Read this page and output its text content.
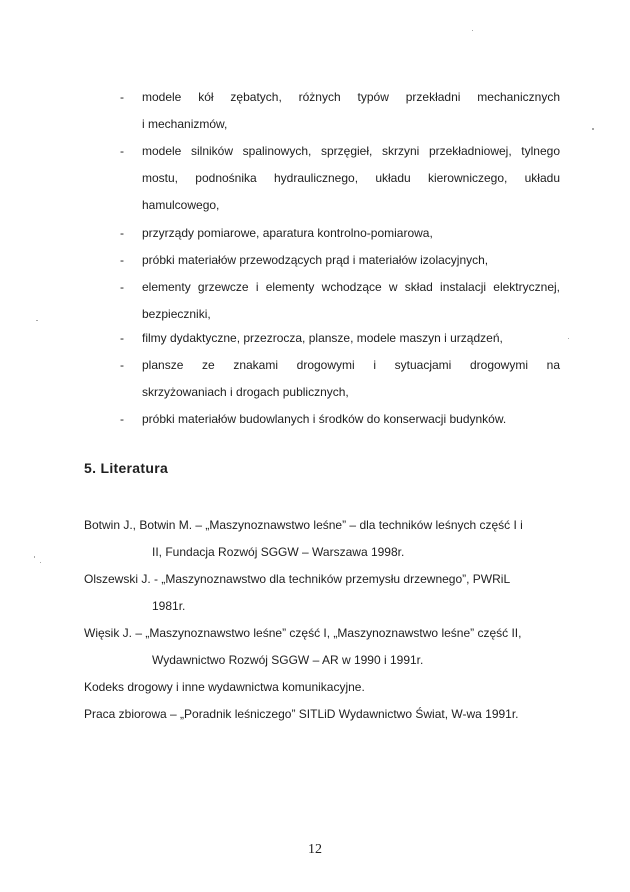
- modele kół zębatych, różnych typów przekładni mechanicznych
i mechanizmów,
- modele silników spalinowych, sprzęgieł, skrzyni przekładniowej, tylnego
mostu, podnośnika hydraulicznego, układu kierowniczego, układu
hamulcowego,
- przyrządy pomiarowe, aparatura kontrolno-pomiarowa,
- próbki materiałów przewodzących prąd i materiałów izolacyjnych,
- elementy grzewcze i elementy wchodzące w skład instalacji elektrycznej,
bezpieczniki,
- filmy dydaktyczne, przezrocza, plansze, modele maszyn i urządzeń,
- plansze ze znakami drogowymi i sytuacjami drogowymi na
skrzyżowaniach i drogach publicznych,
- próbki materiałów budowlanych i środków do konserwacji budynków.
5. Literatura
Botwin J., Botwin M. – „Maszynoznawstwo leśne” – dla techników leśnych część I i
II, Fundacja Rozwój SGGW – Warszawa 1998r.
Olszewski J. - „Maszynoznawstwo dla techników przemysłu drzewnego”, PWRiL
1981r.
Więsik J. – „Maszynoznawstwo leśne” część I, „Maszynoznawstwo leśne” część II,
Wydawnictwo Rozwój SGGW – AR w 1990 i 1991r.
Kodeks drogowy i inne wydawnictwa komunikacyjne.
Praca zbiorowa – „Poradnik leśniczego” SITLiD Wydawnictwo Świat, W-wa 1991r.
12
